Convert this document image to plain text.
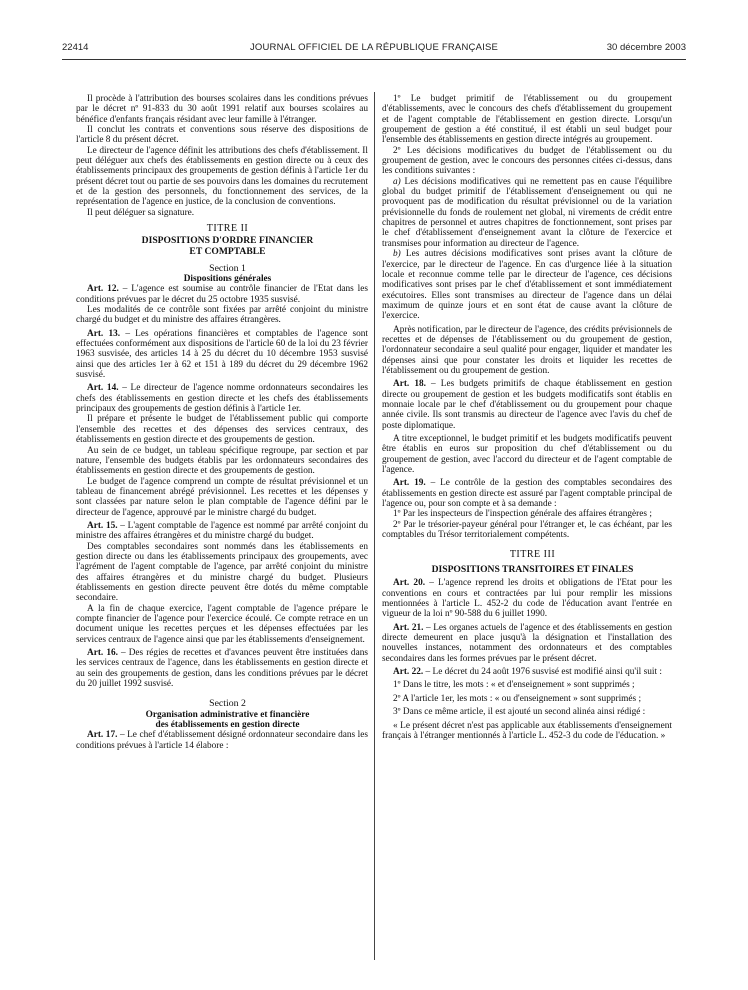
22414	JOURNAL OFFICIEL DE LA RÉPUBLIQUE FRANÇAISE	30 décembre 2003

Il procède à l'attribution des bourses scolaires dans les conditions prévues par le décret nº 91-833 du 30 août 1991 relatif aux bourses scolaires au bénéfice d'enfants français résidant avec leur famille à l'étranger.

Il conclut les contrats et conventions sous réserve des dispositions de l'article 8 du présent décret.

Le directeur de l'agence définit les attributions des chefs d'établissement. Il peut déléguer aux chefs des établissements en gestion directe ou à ceux des établissements principaux des groupements de gestion définis à l'article 1er du présent décret tout ou partie de ses pouvoirs dans les domaines du recrutement et de la gestion des personnels, du fonctionnement des services, de la représentation de l'agence en justice, de la conclusion de conventions.

Il peut déléguer sa signature.

TITRE II

DISPOSITIONS D'ORDRE FINANCIER

ET COMPTABLE

Section 1

Dispositions générales

Art. 12. – L'agence est soumise au contrôle financier de l'Etat dans les conditions prévues par le décret du 25 octobre 1935 susvisé.

Les modalités de ce contrôle sont fixées par arrêté conjoint du ministre chargé du budget et du ministre des affaires étrangères.

Art. 13. – Les opérations financières et comptables de l'agence sont effectuées conformément aux dispositions de l'article 60 de la loi du 23 février 1963 susvisée, des articles 14 à 25 du décret du 10 décembre 1953 susvisé ainsi que des articles 1er à 62 et 151 à 189 du décret du 29 décembre 1962 susvisé.

Art. 14. – Le directeur de l'agence nomme ordonnateurs secondaires les chefs des établissements en gestion directe et les chefs des établissements principaux des groupements de gestion définis à l'article 1er.

Il prépare et présente le budget de l'établissement public qui comporte l'ensemble des recettes et des dépenses des services centraux, des établissements en gestion directe et des groupements de gestion.

Au sein de ce budget, un tableau spécifique regroupe, par section et par nature, l'ensemble des budgets établis par les ordonnateurs secondaires des établissements en gestion directe et des groupements de gestion.

Le budget de l'agence comprend un compte de résultat prévisionnel et un tableau de financement abrégé prévisionnel. Les recettes et les dépenses y sont classées par nature selon le plan comptable de l'agence défini par le directeur de l'agence, approuvé par le ministre chargé du budget.

Art. 15. – L'agent comptable de l'agence est nommé par arrêté conjoint du ministre des affaires étrangères et du ministre chargé du budget.

Des comptables secondaires sont nommés dans les établissements en gestion directe ou dans les établissements principaux des groupements, avec l'agrément de l'agent comptable de l'agence, par arrêté conjoint du ministre des affaires étrangères et du ministre chargé du budget. Plusieurs établissements en gestion directe peuvent être dotés du même comptable secondaire.

A la fin de chaque exercice, l'agent comptable de l'agence prépare le compte financier de l'agence pour l'exercice écoulé. Ce compte retrace en un document unique les recettes perçues et les dépenses effectuées par les services centraux de l'agence ainsi que par les établissements d'enseignement.

Art. 16. – Des régies de recettes et d'avances peuvent être instituées dans les services centraux de l'agence, dans les établissements en gestion directe et au sein des groupements de gestion, dans les conditions prévues par le décret du 20 juillet 1992 susvisé.

Section 2

Organisation administrative et financière

des établissements en gestion directe

Art. 17. – Le chef d'établissement désigné ordonnateur secondaire dans les conditions prévues à l'article 14 élabore :

1º Le budget primitif de l'établissement ou du groupement d'établissements, avec le concours des chefs d'établissement du groupement et de l'agent comptable de l'établissement en gestion directe. Lorsqu'un groupement de gestion a été constitué, il est établi un seul budget pour l'ensemble des établissements en gestion directe intégrés au groupement.

2º Les décisions modificatives du budget de l'établissement ou du groupement de gestion, avec le concours des personnes citées ci-dessus, dans les conditions suivantes :

a) Les décisions modificatives qui ne remettent pas en cause l'équilibre global du budget primitif de l'établissement d'enseignement ou qui ne provoquent pas de modification du résultat prévisionnel ou de la variation prévisionnelle du fonds de roulement net global, ni virements de crédit entre chapitres de personnel et autres chapitres de fonctionnement, sont prises par le chef d'établissement d'enseignement avant la clôture de l'exercice et transmises pour information au directeur de l'agence.

b) Les autres décisions modificatives sont prises avant la clôture de l'exercice, par le directeur de l'agence. En cas d'urgence liée à la situation locale et reconnue comme telle par le directeur de l'agence, ces décisions modificatives sont prises par le chef d'établissement et sont immédiatement exécutoires. Elles sont transmises au directeur de l'agence dans un délai maximum de quinze jours et en sont état de cause avant la clôture de l'exercice.

Après notification, par le directeur de l'agence, des crédits prévisionnels de recettes et de dépenses de l'établissement ou du groupement de gestion, l'ordonnateur secondaire a seul qualité pour engager, liquider et mandater les dépenses ainsi que pour constater les droits et liquider les recettes de l'établissement ou du groupement de gestion.

Art. 18. – Les budgets primitifs de chaque établissement en gestion directe ou groupement de gestion et les budgets modificatifs sont établis en monnaie locale par le chef d'établissement ou du groupement pour chaque année civile. Ils sont transmis au directeur de l'agence avec l'avis du chef de poste diplomatique.

A titre exceptionnel, le budget primitif et les budgets modificatifs peuvent être établis en euros sur proposition du chef d'établissement ou du groupement de gestion, avec l'accord du directeur et de l'agent comptable de l'agence.

Art. 19. – Le contrôle de la gestion des comptables secondaires des établissements en gestion directe est assuré par l'agent comptable principal de l'agence ou, pour son compte et à sa demande :

1º Par les inspecteurs de l'inspection générale des affaires étrangères ;

2º Par le trésorier-payeur général pour l'étranger et, le cas échéant, par les comptables du Trésor territorialement compétents.

TITRE III

DISPOSITIONS TRANSITOIRES ET FINALES

Art. 20. – L'agence reprend les droits et obligations de l'Etat pour les conventions en cours et contractées par lui pour remplir les missions mentionnées à l'article L. 452-2 du code de l'éducation avant l'entrée en vigueur de la loi nº 90-588 du 6 juillet 1990.

Art. 21. – Les organes actuels de l'agence et des établissements en gestion directe demeurent en place jusqu'à la désignation et l'installation des nouvelles instances, notamment des ordonnateurs et des comptables secondaires dans les formes prévues par le présent décret.

Art. 22. – Le décret du 24 août 1976 susvisé est modifié ainsi qu'il suit :

1º Dans le titre, les mots : « et d'enseignement » sont supprimés ;

2º A l'article 1er, les mots : « ou d'enseignement » sont supprimés ;

3º Dans ce même article, il est ajouté un second alinéa ainsi rédigé :

« Le présent décret n'est pas applicable aux établissements d'enseignement français à l'étranger mentionnés à l'article L. 452-3 du code de l'éducation. »
